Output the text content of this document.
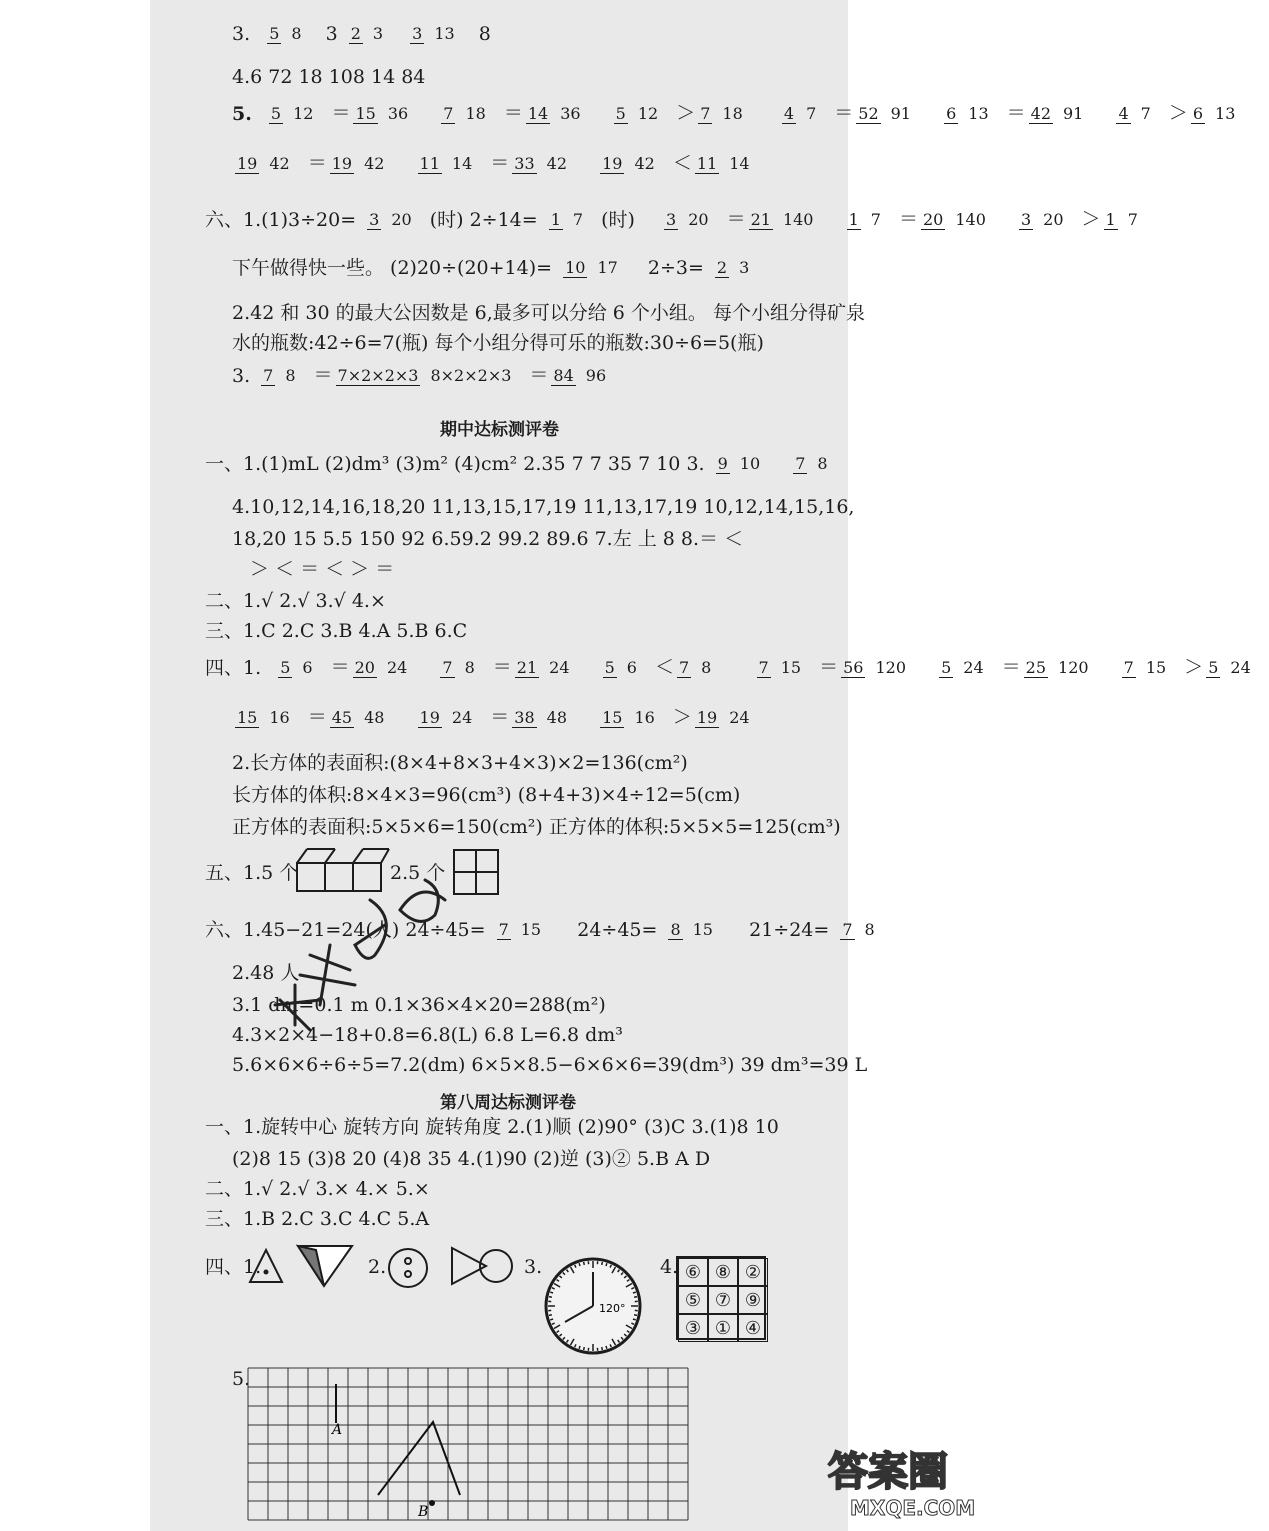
3. 5 8 3 2 3 3 13 8
4.6 72 18 108 14 84
5. 5 12 ＝ 15 36 7 18 ＝ 14 36 5 12 ＞ 7 18	4 7 ＝ 52 91 6 13 ＝ 42 91 4 7 ＞ 6 13
19 42 ＝ 19 42 11 14 ＝ 33 42 19 42 ＜ 11 14
六、1.(1)3÷20= 3 20 (时) 2÷14= 1 7 (时) 3 20 ＝ 21 140 1 7 ＝ 20 140 3 20 ＞ 1 7
下午做得快一些。 (2)20÷(20+14)= 10 17 2÷3= 2 3
2.42 和 30 的最大公因数是 6,最多可以分给 6 个小组。 每个小组分得矿泉
水的瓶数:42÷6=7(瓶) 每个小组分得可乐的瓶数:30÷6=5(瓶)
3. 7 8 ＝ 7×2×2×3 8×2×2×3 ＝ 84 96
期中达标测评卷
一、1.(1)mL (2)dm³ (3)m² (4)cm² 2.35 7 7 35 7 10 3. 9 10 7 8
4.10,12,14,16,18,20 11,13,15,17,19 11,13,17,19 10,12,14,15,16,
18,20 15 5.5 150 92 6.59.2 99.2 89.6 7.左 上 8 8.＝ ＜
＞ ＜ ＝ ＜ ＞ ＝
二、1.√ 2.√ 3.√ 4.×
三、1.C 2.C 3.B 4.A 5.B 6.C
四、1. 5 6 ＝ 20 24 7 8 ＝ 21 24 5 6 ＜ 7 8	7 15 ＝ 56 120 5 24 ＝ 25 120 7 15 ＞ 5 24
15 16 ＝ 45 48 19 24 ＝ 38 48 15 16 ＞ 19 24
2.长方体的表面积:(8×4+8×3+4×3)×2=136(cm²)
长方体的体积:8×4×3=96(cm³) (8+4+3)×4÷12=5(cm)
正方体的表面积:5×5×6=150(cm²) 正方体的体积:5×5×5=125(cm³)
五、1.5 个	2.5 个
六、1.45−21=24(人) 24÷45= 7 15 24÷45= 8 15 21÷24= 7 8
2.48 人
3.1 dm=0.1 m 0.1×36×4×20=288(m²)
4.3×2×4−18+0.8=6.8(L) 6.8 L=6.8 dm³
5.6×6×6÷6÷5=7.2(dm) 6×5×8.5−6×6×6=39(dm³) 39 dm³=39 L
第八周达标测评卷
一、1.旋转中心 旋转方向 旋转角度 2.(1)顺 (2)90° (3)C 3.(1)8 10
(2)8 15 (3)8 20 (4)8 35 4.(1)90 (2)逆 (3)② 5.B A D
二、1.√ 2.√ 3.× 4.× 5.×
三、1.B 2.C 3.C 4.C 5.A
四、1.	2.	3.
120°
4. ⑥ ⑧ ②
⑤ ⑦ ⑨
③ ① ④
5.
A
B
答案圈
MXQE.COM
